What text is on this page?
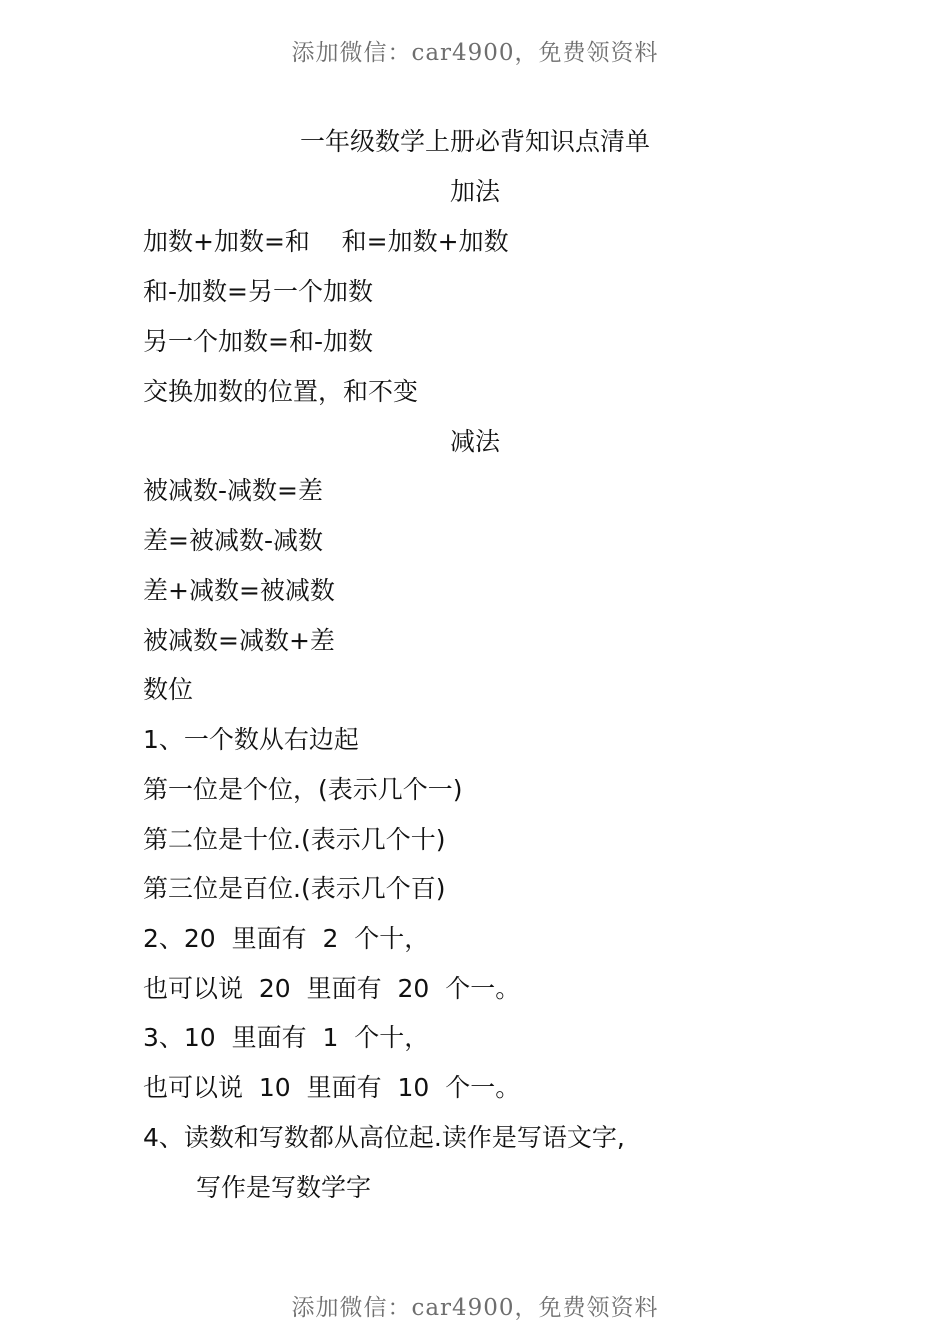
添加微信：car4900，免费领资料
一年级数学上册必背知识点清单
加法
加数+加数=和    和=加数+加数
和-加数=另一个加数
另一个加数=和-加数
交换加数的位置，和不变
减法
被减数-减数=差
差=被减数-减数
差+减数=被减数
被减数=减数+差
数位
1、一个数从右边起
第一位是个位，(表示几个一)
第二位是十位.(表示几个十)
第三位是百位.(表示几个百)
2、20  里面有  2  个十，
也可以说  20  里面有  20  个一。
3、10  里面有  1  个十，
也可以说  10  里面有  10  个一。
4、读数和写数都从高位起.读作是写语文字,
写作是写数学字
添加微信：car4900，免费领资料
